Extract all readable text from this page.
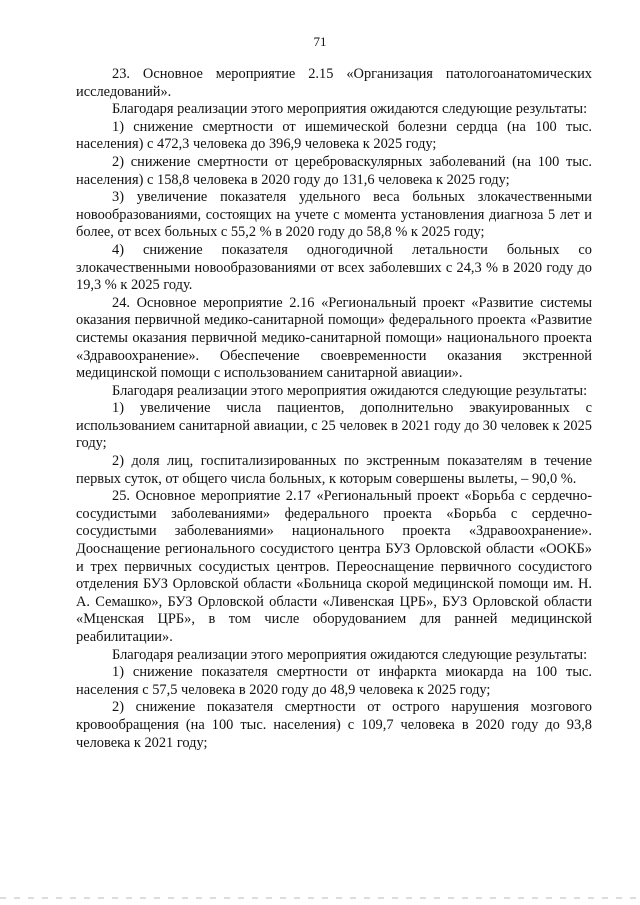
71

23. Основное мероприятие 2.15 «Организация патологоанатомических исследований».

Благодаря реализации этого мероприятия ожидаются следующие результаты:

1) снижение смертности от ишемической болезни сердца (на 100 тыс. населения) с 472,3 человека до 396,9 человека к 2025 году;

2) снижение смертности от цереброваскулярных заболеваний (на 100 тыс. населения) с 158,8 человека в 2020 году до 131,6 человека к 2025 году;

3) увеличение показателя удельного веса больных злокачественными новообразованиями, состоящих на учете с момента установления диагноза 5 лет и более, от всех больных с 55,2 % в 2020 году до 58,8 % к 2025 году;

4) снижение показателя одногодичной летальности больных со злокачественными новообразованиями от всех заболевших с 24,3 % в 2020 году до 19,3 % к 2025 году.

24. Основное мероприятие 2.16 «Региональный проект «Развитие системы оказания первичной медико-санитарной помощи» федерального проекта «Развитие системы оказания первичной медико-санитарной помощи» национального проекта «Здравоохранение». Обеспечение своевременности оказания экстренной медицинской помощи с использованием санитарной авиации».

Благодаря реализации этого мероприятия ожидаются следующие результаты:

1) увеличение числа пациентов, дополнительно эвакуированных с использованием санитарной авиации, с 25 человек в 2021 году до 30 человек к 2025 году;

2) доля лиц, госпитализированных по экстренным показателям в течение первых суток, от общего числа больных, к которым совершены вылеты, – 90,0 %.

25. Основное мероприятие 2.17 «Региональный проект «Борьба с сердечно-сосудистыми заболеваниями» федерального проекта «Борьба с сердечно-сосудистыми заболеваниями» национального проекта «Здравоохранение». Дооснащение регионального сосудистого центра БУЗ Орловской области «ООКБ» и трех первичных сосудистых центров. Переоснащение первичного сосудистого отделения БУЗ Орловской области «Больница скорой медицинской помощи им. Н. А. Семашко», БУЗ Орловской области «Ливенская ЦРБ», БУЗ Орловской области «Мценская ЦРБ», в том числе оборудованием для ранней медицинской реабилитации».

Благодаря реализации этого мероприятия ожидаются следующие результаты:

1) снижение показателя смертности от инфаркта миокарда на 100 тыс. населения с 57,5 человека в 2020 году до 48,9 человека к 2025 году;

2) снижение показателя смертности от острого нарушения мозгового кровообращения (на 100 тыс. населения) с 109,7 человека в 2020 году до 93,8 человека к 2021 году;
